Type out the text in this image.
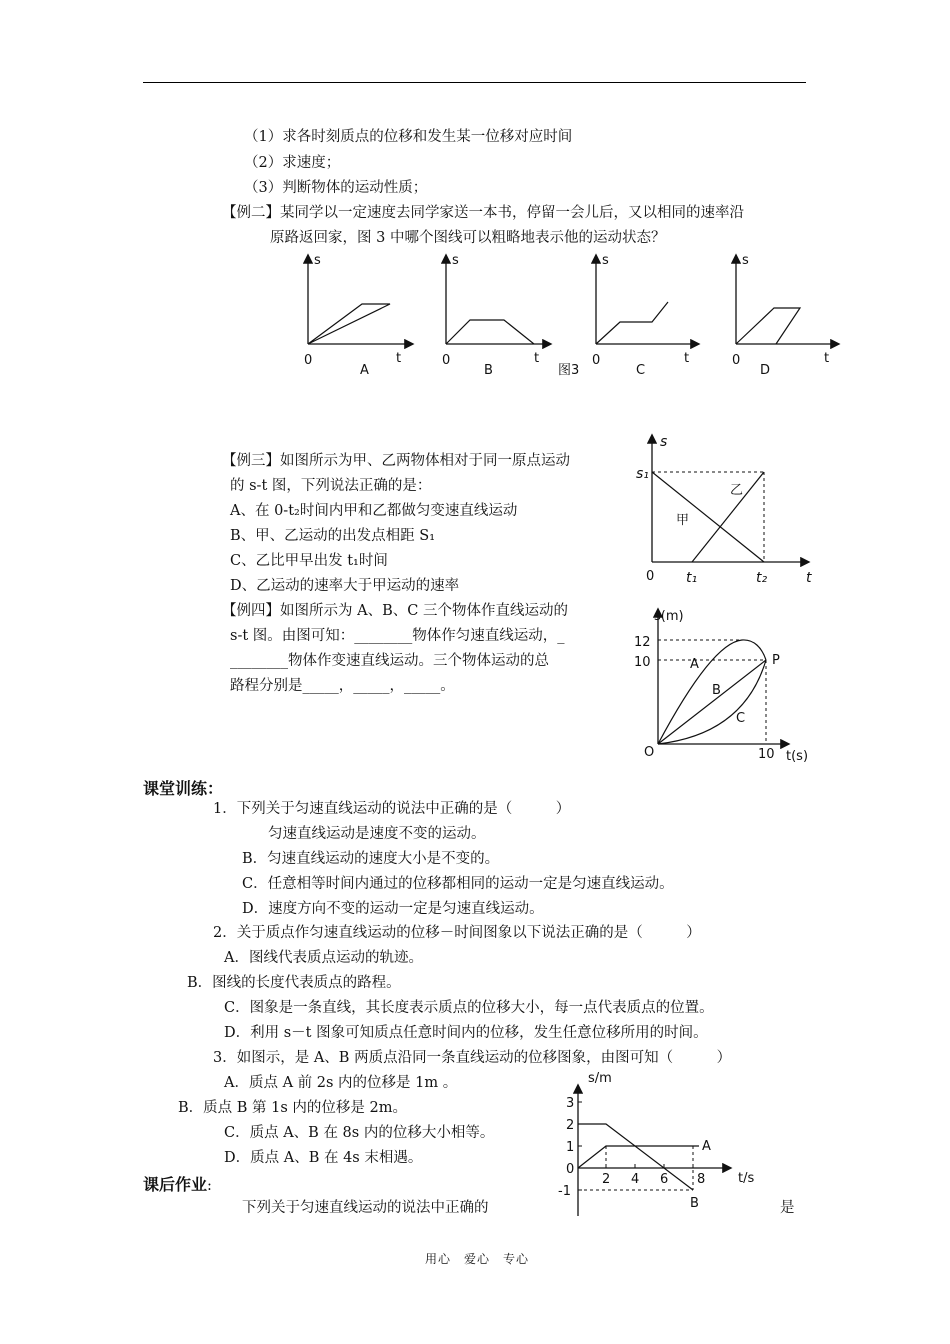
（1）求各时刻质点的位移和发生某一位移对应时间
（2）求速度；
（3）判断物体的运动性质；
【例二】某同学以一定速度去同学家送一本书，停留一会儿后，又以相同的速率沿
原路返回家，图 3 中哪个图线可以粗略地表示他的运动状态？
s
0	t
A
s
0	t
B	图3
s
0	t
C
s
0	t
D
【例三】如图所示为甲、乙两物体相对于同一原点运动
的 s-t 图，下列说法正确的是：
A、在 0-t₂时间内甲和乙都做匀变速直线运动
B、甲、乙运动的出发点相距 S₁
C、乙比甲早出发 t₁时间
D、乙运动的速率大于甲运动的速率
s
s₁
0 t₁	t₂	t
甲
乙
【例四】如图所示为 A、B、C 三个物体作直线运动的
s-t 图。由图可知：________物体作匀速直线运动，_
________物体作变速直线运动。三个物体运动的总
路程分别是_____，_____，_____。
s(m)
12
10	A
B
C
P
O	10 t(s)
课堂训练：
1．下列关于匀速直线运动的说法中正确的是（　　　）
匀速直线运动是速度不变的运动。
B．匀速直线运动的速度大小是不变的。
C．任意相等时间内通过的位移都相同的运动一定是匀速直线运动。
D．速度方向不变的运动一定是匀速直线运动。
2．关于质点作匀速直线运动的位移－时间图象以下说法正确的是（　　　）
A．图线代表质点运动的轨迹。
B．图线的长度代表质点的路程。
C．图象是一条直线，其长度表示质点的位移大小，每一点代表质点的位置。
D．利用 s－t 图象可知质点任意时间内的位移，发生任意位移所用的时间。
3．如图示，是 A、B 两质点沿同一条直线运动的位移图象，由图可知（　　　）
A．质点 A 前 2s 内的位移是 1m 。
B．质点 B 第 1s 内的位移是 2m。
C．质点 A、B 在 8s 内的位移大小相等。
D．质点 A、B 在 4s 末相遇。
s/m
3
2
1
0
-1
2 4 6 8	t/s
A
B
课后作业:
下列关于匀速直线运动的说法中正确的	是
用心　爱心　专心
